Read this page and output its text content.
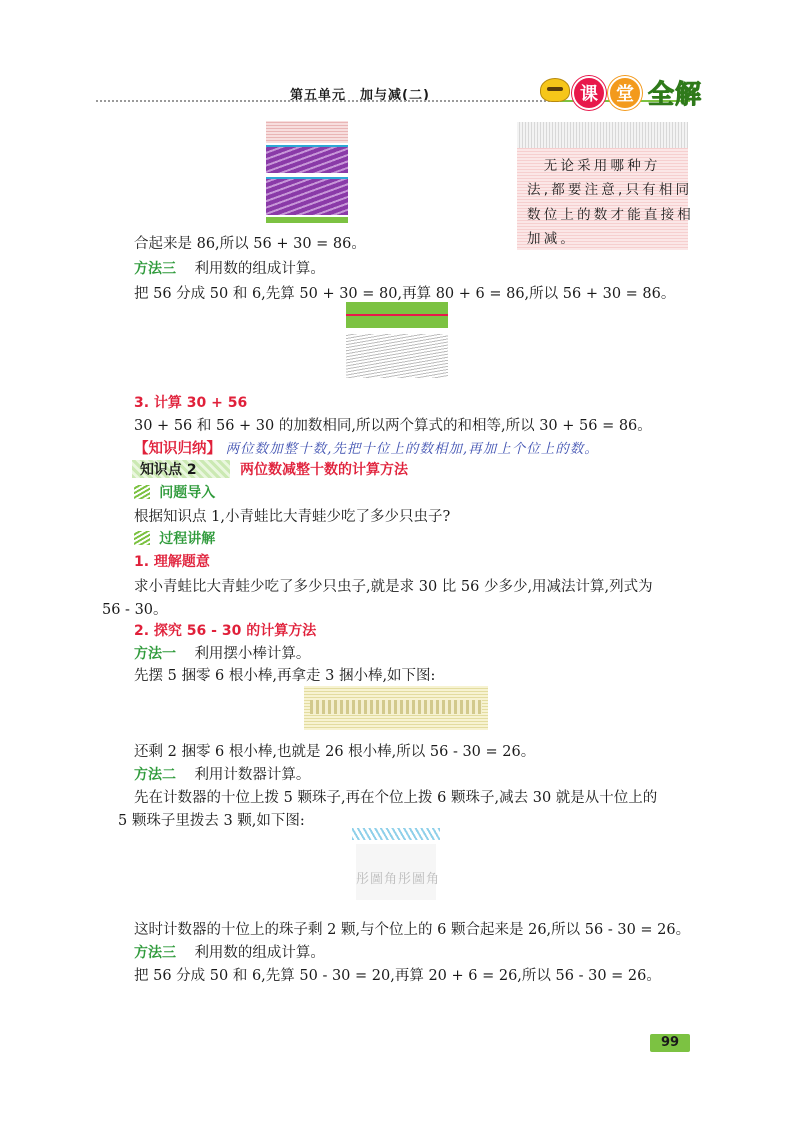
第五单元　加与减(二)	课	堂 全解
　无论采用哪种方
法,都要注意,只有相同
数位上的数才能直接相
加减。
合起来是 86,所以 56 + 30 = 86。
方法三 利用数的组成计算。
把 56 分成 50 和 6,先算 50 + 30 = 80,再算 80 + 6 = 86,所以 56 + 30 = 86。
3. 计算 30 + 56
30 + 56 和 56 + 30 的加数相同,所以两个算式的和相等,所以 30 + 56 = 86。
【知识归纳】 两位数加整十数,先把十位上的数相加,再加上个位上的数。
知识点 2	两位数减整十数的计算方法

问题导入
根据知识点 1,小青蛙比大青蛙少吃了多少只虫子?

过程讲解
1. 理解题意
求小青蛙比大青蛙少吃了多少只虫子,就是求 30 比 56 少多少,用减法计算,列式为
56 - 30。
2. 探究 56 - 30 的计算方法
方法一 利用摆小棒计算。
先摆 5 捆零 6 根小棒,再拿走 3 捆小棒,如下图:
还剩 2 捆零 6 根小棒,也就是 26 根小棒,所以 56 - 30 = 26。
方法二 利用计数器计算。
先在计数器的十位上拨 5 颗珠子,再在个位上拨 6 颗珠子,减去 30 就是从十位上的
5 颗珠子里拨去 3 颗,如下图:
彤圖角彤圖角
这时计数器的十位上的珠子剩 2 颗,与个位上的 6 颗合起来是 26,所以 56 - 30 = 26。
方法三 利用数的组成计算。
把 56 分成 50 和 6,先算 50 - 30 = 20,再算 20 + 6 = 26,所以 56 - 30 = 26。
99
